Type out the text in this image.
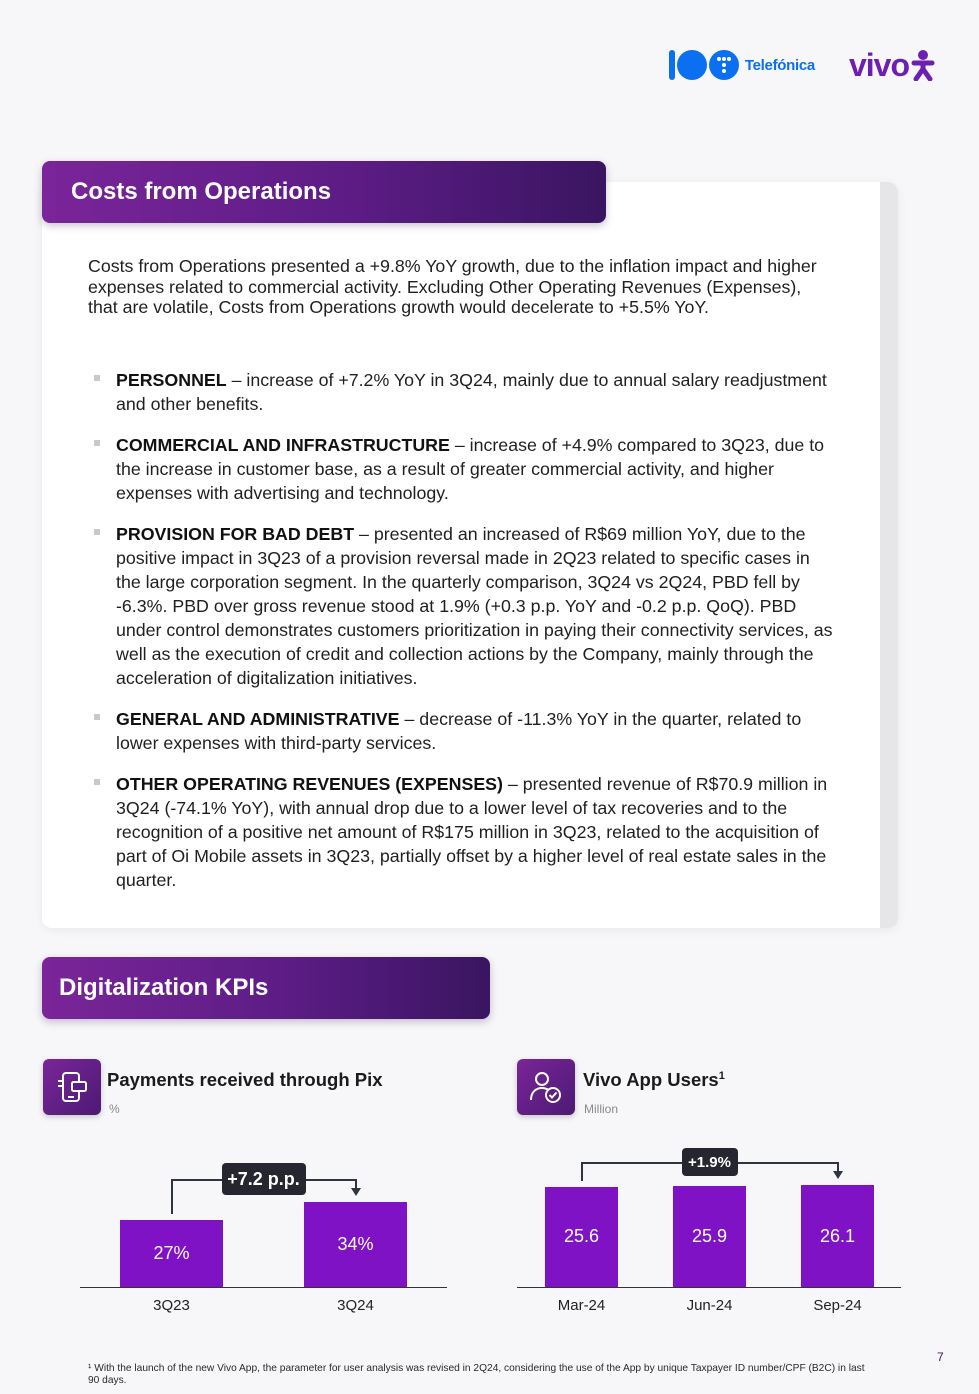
Telefónica vivo
Costs from Operations

Costs from Operations presented a +9.8% YoY growth, due to the inflation impact and higher expenses related to commercial activity. Excluding Other Operating Revenues (Expenses), that are volatile, Costs from Operations growth would decelerate to +5.5% YoY.

PERSONNEL – increase of +7.2% YoY in 3Q24, mainly due to annual salary readjustment and other benefits.
COMMERCIAL AND INFRASTRUCTURE – increase of +4.9% compared to 3Q23, due to the increase in customer base, as a result of greater commercial activity, and higher expenses with advertising and technology.
PROVISION FOR BAD DEBT – presented an increased of R$69 million YoY, due to the positive impact in 3Q23 of a provision reversal made in 2Q23 related to specific cases in the large corporation segment. In the quarterly comparison, 3Q24 vs 2Q24, PBD fell by -6.3%. PBD over gross revenue stood at 1.9% (+0.3 p.p. YoY and -0.2 p.p. QoQ). PBD under control demonstrates customers prioritization in paying their connectivity services, as well as the execution of credit and collection actions by the Company, mainly through the acceleration of digitalization initiatives.
GENERAL AND ADMINISTRATIVE – decrease of -11.3% YoY in the quarter, related to lower expenses with third-party services.
OTHER OPERATING REVENUES (EXPENSES) – presented revenue of R$70.9 million in 3Q24 (-74.1% YoY), with annual drop due to a lower level of tax recoveries and to the recognition of a positive net amount of R$175 million in 3Q23, related to the acquisition of part of Oi Mobile assets in 3Q23, partially offset by a higher level of real estate sales in the quarter.
Digitalization KPIs
Payments received through Pix
%
27%
3Q23
34%
3Q24
+7.2 p.p.
Vivo App Users$^1$
Million
25.6
Mar-24
25.9
Jun-24
26.1
Sep-24
+1.9%
7

¹ With the launch of the new Vivo App, the parameter for user analysis was revised in 2Q24, considering the use of the App by unique Taxpayer ID number/CPF (B2C) in last 90 days.
